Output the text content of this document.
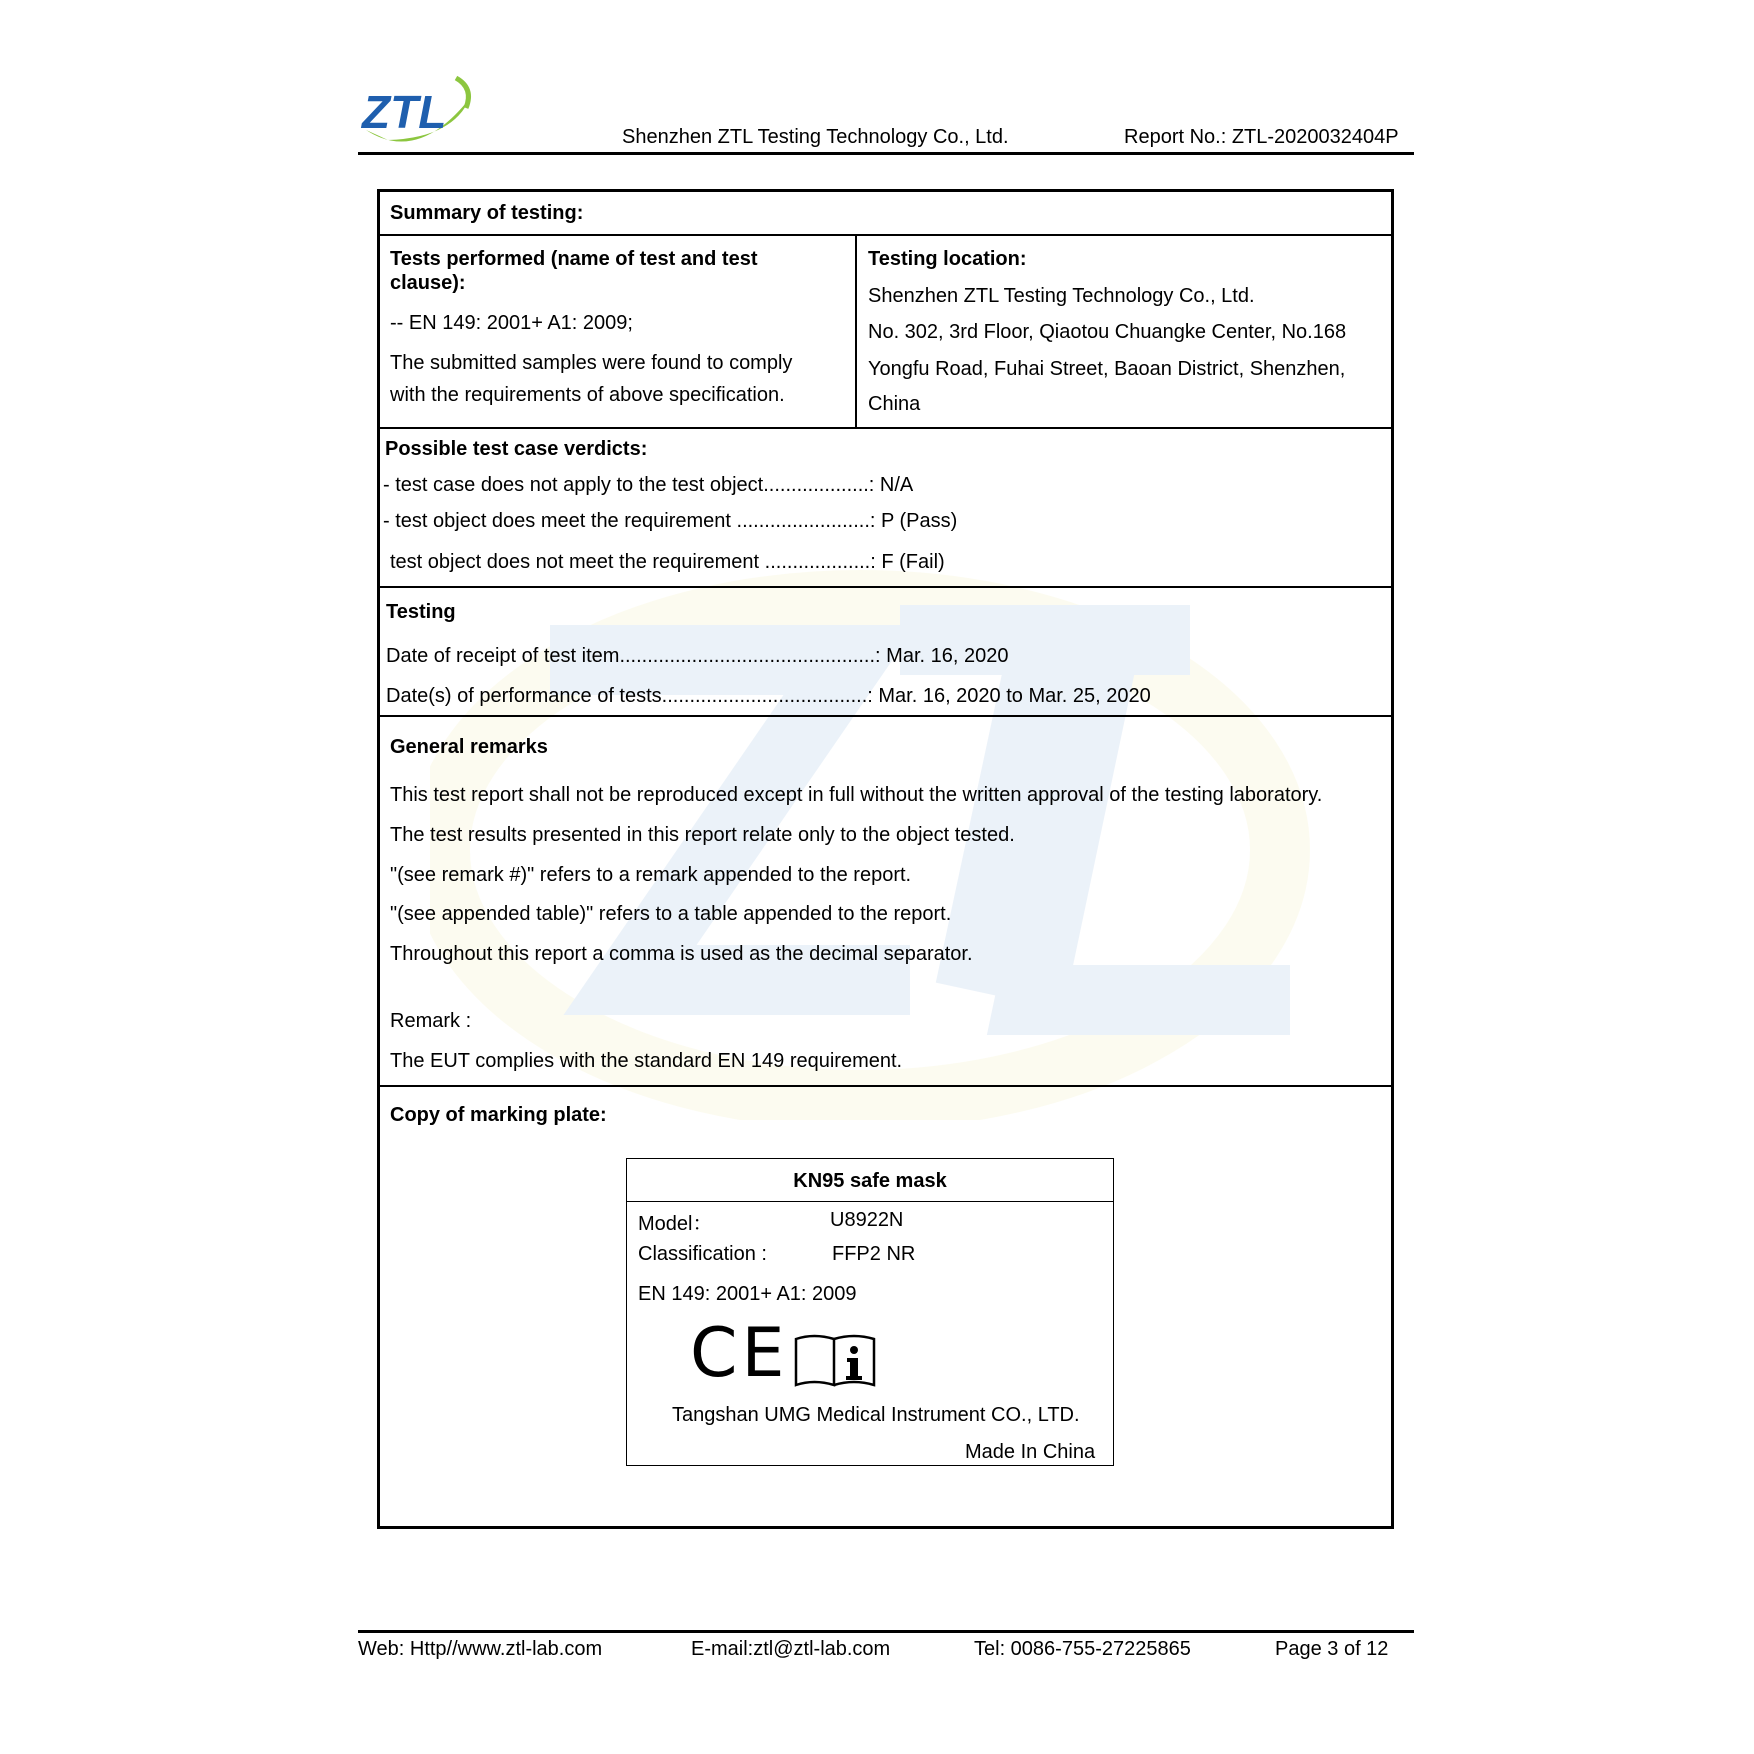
ZTL	Shenzhen ZTL Testing Technology Co., Ltd.	Report No.: ZTL-2020032404P
Summary of testing:
Tests performed (name of test and test
clause):
-- EN 149: 2001+ A1: 2009;
The submitted samples were found to comply
with the requirements of above specification.
Testing location:
Shenzhen ZTL Testing Technology Co., Ltd.
No. 302, 3rd Floor, Qiaotou Chuangke Center, No.168
Yongfu Road, Fuhai Street, Baoan District, Shenzhen,
China
Possible test case verdicts:
- test case does not apply to the test object...................: N/A
- test object does meet the requirement ........................: P (Pass)
test object does not meet the requirement ...................: F (Fail)
Testing
Date of receipt of test item..............................................: Mar. 16, 2020
Date(s) of performance of tests.....................................: Mar. 16, 2020 to Mar. 25, 2020
General remarks
This test report shall not be reproduced except in full without the written approval of the testing laboratory.
The test results presented in this report relate only to the object tested.
"(see remark #)" refers to a remark appended to the report.
"(see appended table)" refers to a table appended to the report.
Throughout this report a comma is used as the decimal separator.
Remark :
The EUT complies with the standard EN 149 requirement.
Copy of marking plate:
KN95 safe mask
Model：	U8922N
Classification :	FFP2 NR
EN 149: 2001+ A1: 2009
CE
Tangshan UMG Medical Instrument CO., LTD.
Made In China
Web: Http//www.ztl-lab.com	E-mail:ztl@ztl-lab.com	Tel: 0086-755-27225865	Page 3 of 12
